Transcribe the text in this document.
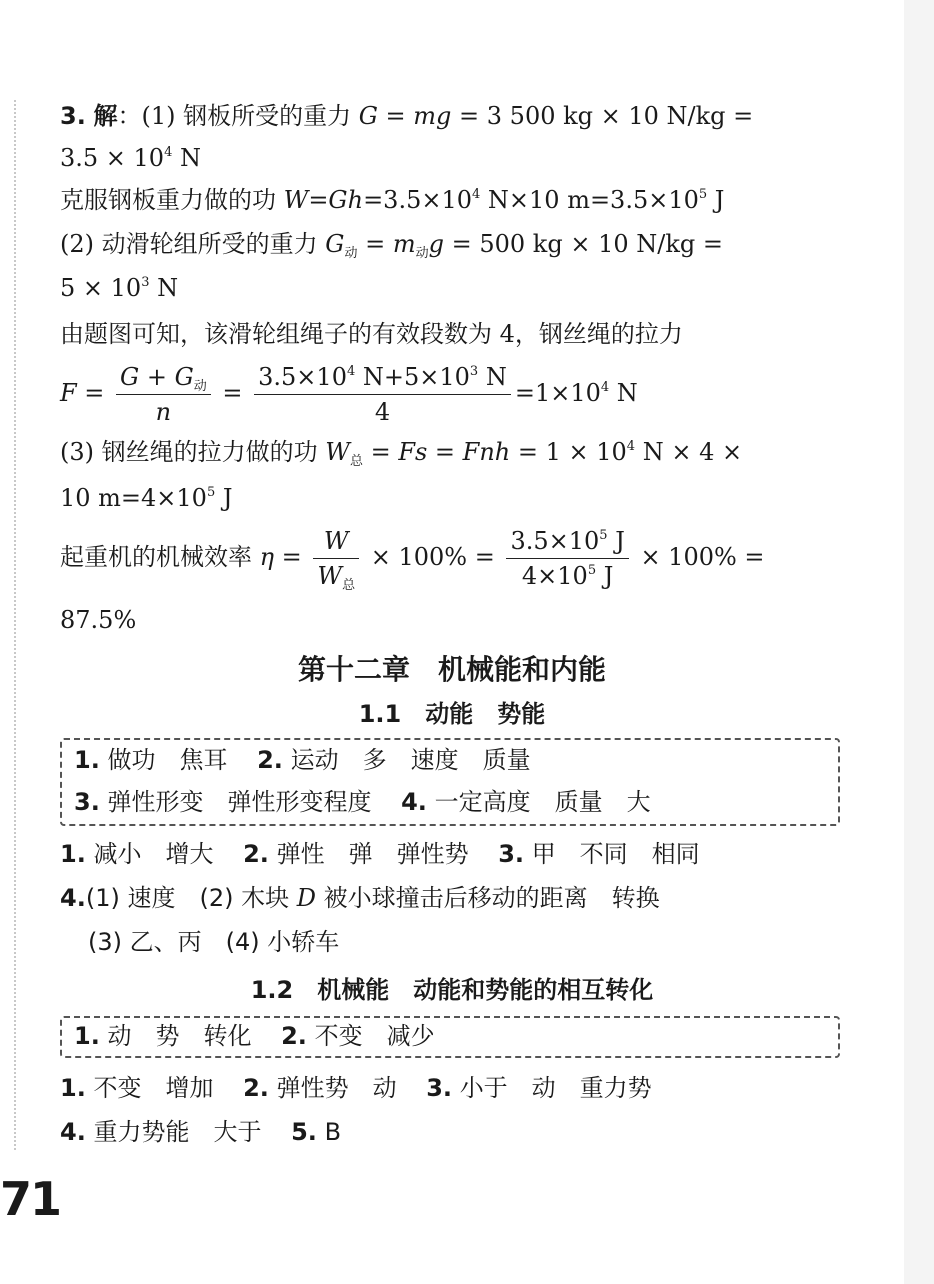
3. 解：(1) 钢板所受的重力 G = mg = 3 500 kg × 10 N/kg =
$3.5 \times 10^4$ N
克服钢板重力做的功 $W=Gh=3.5\times 10^4$ N×10 $m=3.5\times 10^5$ J
(2) 动滑轮组所受的重力 $G_动 = m_动g = 500$ kg × 10 N/kg =
$5 \times 10^3$ N
由题图可知，该滑轮组绳子的有效段数为 4，钢丝绳的拉力
$F = \frac{G + G_动}{n} = \frac{3.5\times 10^4 N+5\times 10^3 N}{4} =1\times 10^4$ N
(3) 钢丝绳的拉力做的功 $W_总 = Fs$ = Fnh = $1 \times 10^4$ N × 4 ×
10 $m=4\times 10^5$ J
起重机的机械效率 $\eta = \frac{W}{W_总} \times 100\% = \frac{3.5\times 10^5 J}{4\times 10^5 J} \times 100\%$ =
87.5%
第十二章　机械能和内能
1.1　动能　势能
1. 做功　焦耳 2. 运动　多　速度　质量
3. 弹性形变　弹性形变程度 4. 一定高度　质量　大
1. 减小　增大 2. 弹性　弹　弹性势 3. 甲　不同　相同
4.(1) 速度　(2) 木块 D 被小球撞击后移动的距离　转换
(3) 乙、丙　(4) 小轿车
1.2　机械能　动能和势能的相互转化
1. 动　势　转化 2. 不变　减少
1. 不变　增加 2. 弹性势　动 3. 小于　动　重力势
4. 重力势能　大于 5. B
71
